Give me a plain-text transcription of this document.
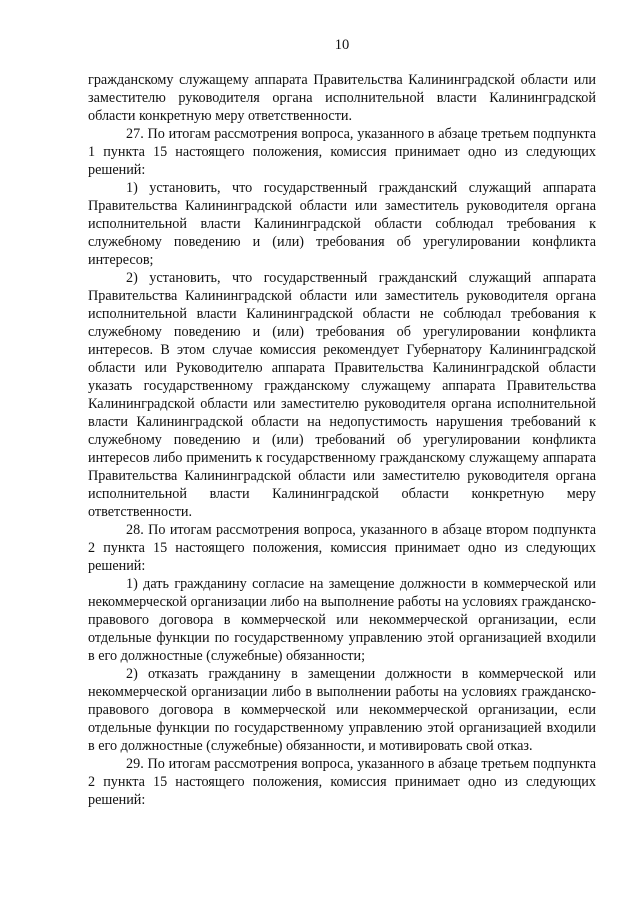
10

гражданскому служащему аппарата Правительства Калининградской области или заместителю руководителя органа исполнительной власти Калининградской области конкретную меру ответственности.

27. По итогам рассмотрения вопроса, указанного в абзаце третьем подпункта 1 пункта 15 настоящего положения, комиссия принимает одно из следующих решений:

1) установить, что государственный гражданский служащий аппарата Правительства Калининградской области или заместитель руководителя органа исполнительной власти Калининградской области соблюдал требования к служебному поведению и (или) требования об урегулировании конфликта интересов;

2) установить, что государственный гражданский служащий аппарата Правительства Калининградской области или заместитель руководителя органа исполнительной власти Калининградской области не соблюдал требования к служебному поведению и (или) требования об урегулировании конфликта интересов. В этом случае комиссия рекомендует Губернатору Калининградской области или Руководителю аппарата Правительства Калининградской области указать государственному гражданскому служащему аппарата Правительства Калининградской области или заместителю руководителя органа исполнительной власти Калининградской области на недопустимость нарушения требований к служебному поведению и (или) требований об урегулировании конфликта интересов либо применить к государственному гражданскому служащему аппарата Правительства Калининградской области или заместителю руководителя органа исполнительной власти Калининградской области конкретную меру ответственности.

28. По итогам рассмотрения вопроса, указанного в абзаце втором подпункта 2 пункта 15 настоящего положения, комиссия принимает одно из следующих решений:

1) дать гражданину согласие на замещение должности в коммерческой или некоммерческой организации либо на выполнение работы на условиях гражданско-правового договора в коммерческой или некоммерческой организации, если отдельные функции по государственному управлению этой организацией входили в его должностные (служебные) обязанности;

2) отказать гражданину в замещении должности в коммерческой или некоммерческой организации либо в выполнении работы на условиях гражданско-правового договора в коммерческой или некоммерческой организации, если отдельные функции по государственному управлению этой организацией входили в его должностные (служебные) обязанности, и мотивировать свой отказ.

29. По итогам рассмотрения вопроса, указанного в абзаце третьем подпункта 2 пункта 15 настоящего положения, комиссия принимает одно из следующих решений:
